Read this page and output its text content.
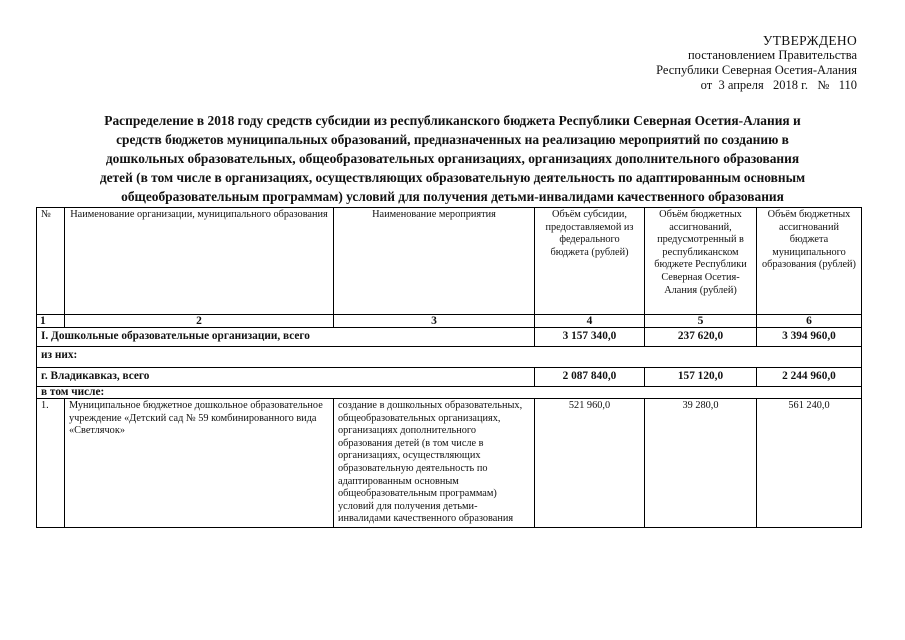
УТВЕРЖДЕНО
постановлением Правительства
Республики Северная Осетия-Алания
от  3 апреля   2018 г.   №   110
Распределение в 2018 году средств субсидии из республиканского бюджета Республики Северная Осетия-Алания и
средств бюджетов муниципальных образований, предназначенных на реализацию мероприятий по созданию в
дошкольных образовательных, общеобразовательных организациях, организациях дополнительного образования
детей (в том числе в организациях, осуществляющих образовательную деятельность по адаптированным основным
общеобразовательным программам) условий для получения детьми-инвалидами качественного образования
№	Наименование организации, муниципального образования	Наименование мероприятия	Объём субсидии, предоставляемой из федерального бюджета (рублей)	Объём бюджетных ассигнований, предусмотренный в республиканском бюджете Республики Северная Осетия-Алания (рублей)	Объём бюджетных ассигнований бюджета муниципального образования (рублей)
1	2	3	4	5	6
I. Дошкольные образовательные организации, всего			3 157 340,0	237 620,0	3 394 960,0
из них:					
г. Владикавказ, всего			2 087 840,0	157 120,0	2 244 960,0
в том числе:					
1.	Муниципальное бюджетное дошкольное образовательное учреждение «Детский сад № 59 комбинированного вида «Светлячок»	создание в дошкольных образовательных, общеобразовательных организациях, организациях дополнительного образования детей (в том числе в организациях, осуществляющих образовательную деятельность по адаптированным основным общеобразовательным программам) условий для получения детьми-инвалидами качественного образования	521 960,0	39 280,0	561 240,0
